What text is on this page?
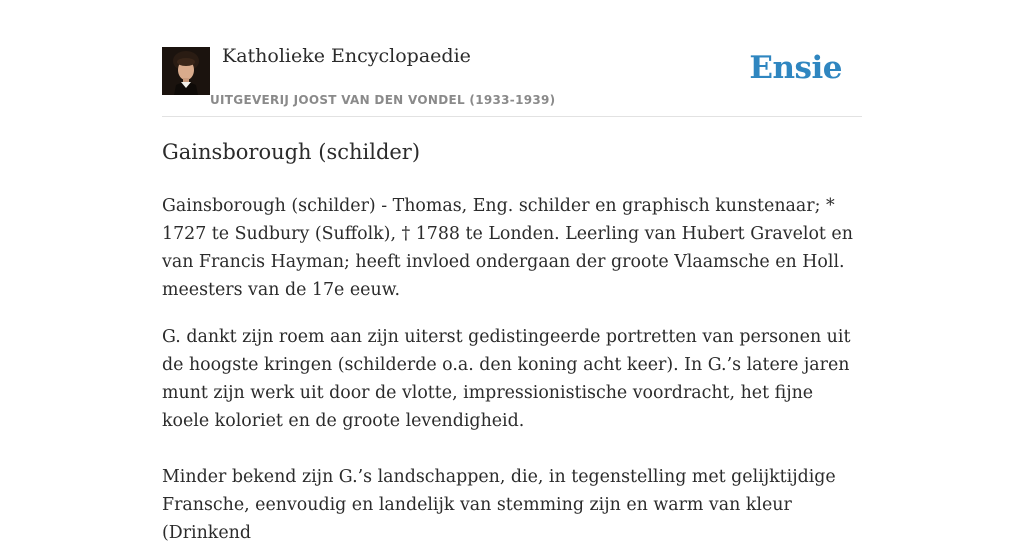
Katholieke Encyclopaedie
UITGEVERIJ JOOST VAN DEN VONDEL (1933-1939)
Ensie
Gainsborough (schilder)

Gainsborough (schilder) - Thomas, Eng. schilder en graphisch kunstenaar; * 1727 te Sudbury (Suffolk), † 1788 te Londen. Leerling van Hubert Gravelot en van Francis Hayman; heeft invloed ondergaan der groote Vlaamsche en Holl. meesters van de 17e eeuw.

G. dankt zijn roem aan zijn uiterst gedistingeerde portretten van personen uit de hoogste kringen (schilderde o.a. den koning acht keer). In G.’s latere jaren munt zijn werk uit door de vlotte, impressionistische voordracht, het fijne koele koloriet en de groote levendigheid.

Minder bekend zijn G.’s landschappen, die, in tegenstelling met gelijktijdige Fransche, eenvoudig en landelijk van stemming zijn en warm van kleur (Drinkend
